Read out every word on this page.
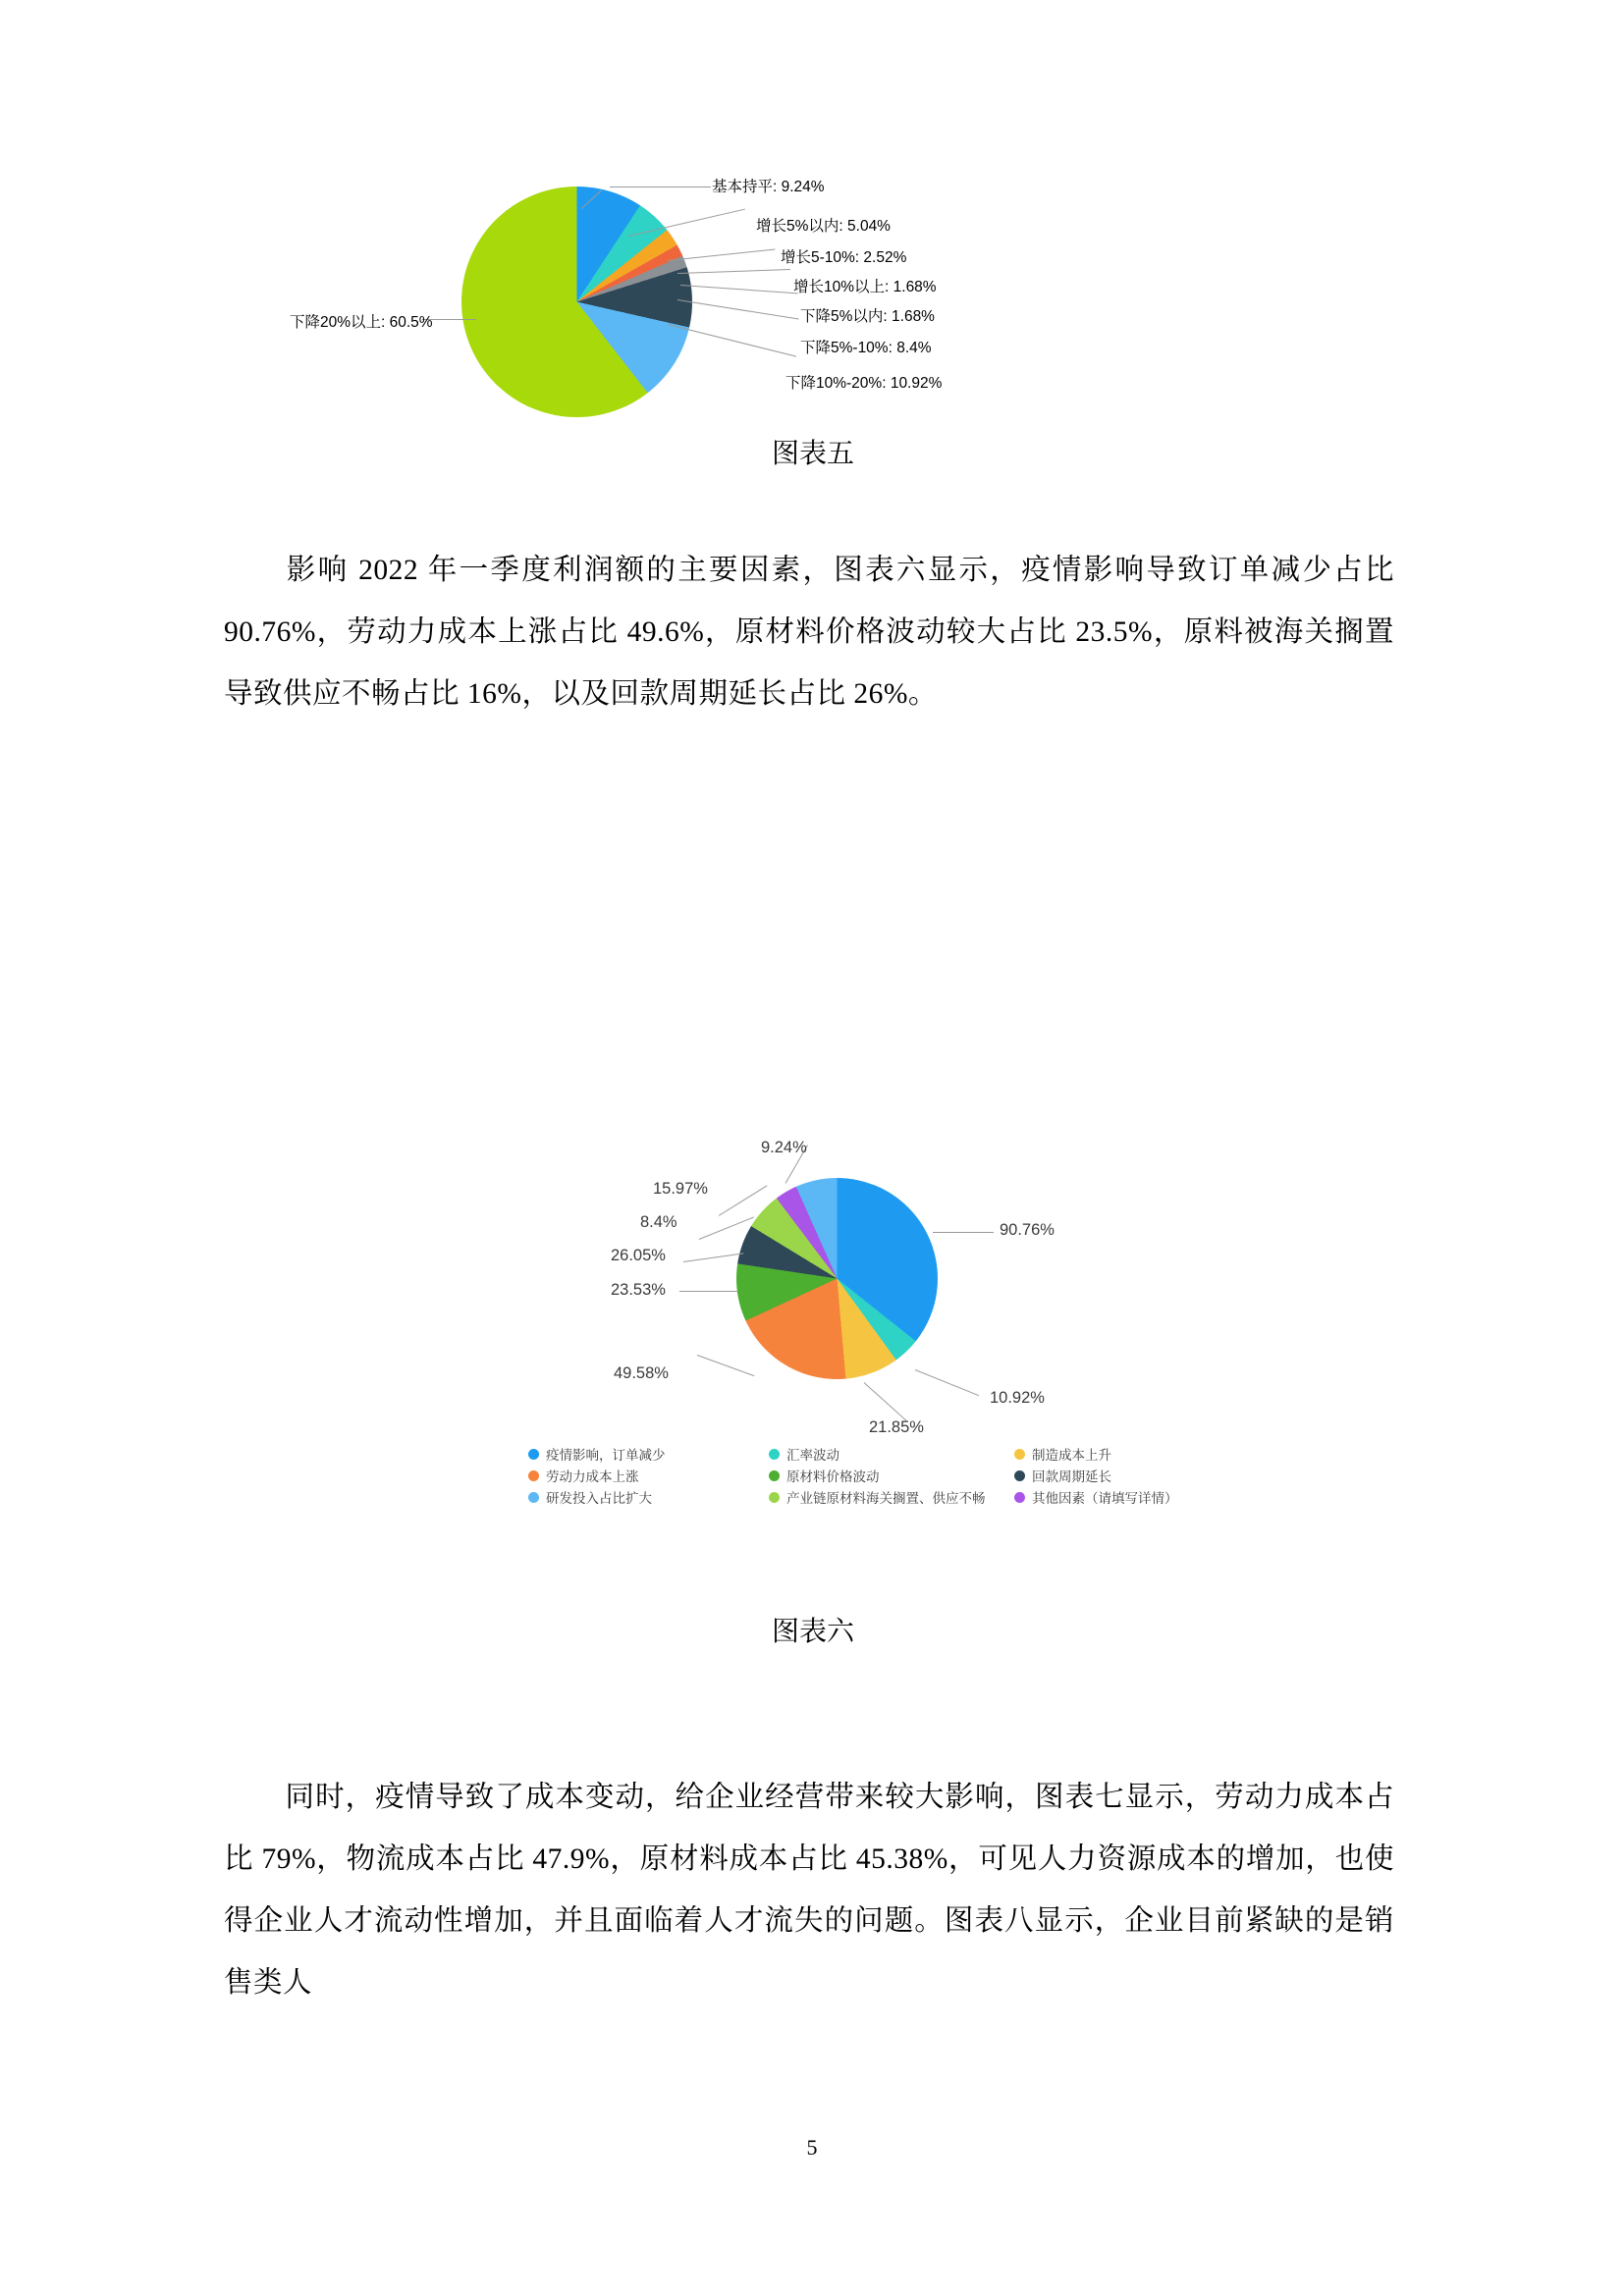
基本持平: 9.24%
增长5%以内: 5.04%
增长5-10%: 2.52%
增长10%以上: 1.68%
下降5%以内: 1.68%
下降5%-10%: 8.4%
下降10%-20%: 10.92%
下降20%以上: 60.5%
图表五
影响 2022 年一季度利润额的主要因素，图表六显示，疫情影响导致订单减少占比 90.76%，劳动力成本上涨占比 49.6%，原材料价格波动较大占比 23.5%，原料被海关搁置导致供应不畅占比 16%，以及回款周期延长占比 26%。
90.76%
10.92%
21.85%
49.58%
23.53%
26.05%
8.4%
15.97%
9.24%
疫情影响，订单减少	汇率波动	制造成本上升
劳动力成本上涨	原材料价格波动	回款周期延长
研发投入占比扩大	产业链原材料海关搁置、供应不畅	其他因素（请填写详情）
图表六
同时，疫情导致了成本变动，给企业经营带来较大影响，图表七显示，劳动力成本占比 79%，物流成本占比 47.9%，原材料成本占比 45.38%，可见人力资源成本的增加，也使得企业人才流动性增加，并且面临着人才流失的问题。图表八显示，企业目前紧缺的是销售类人
5
